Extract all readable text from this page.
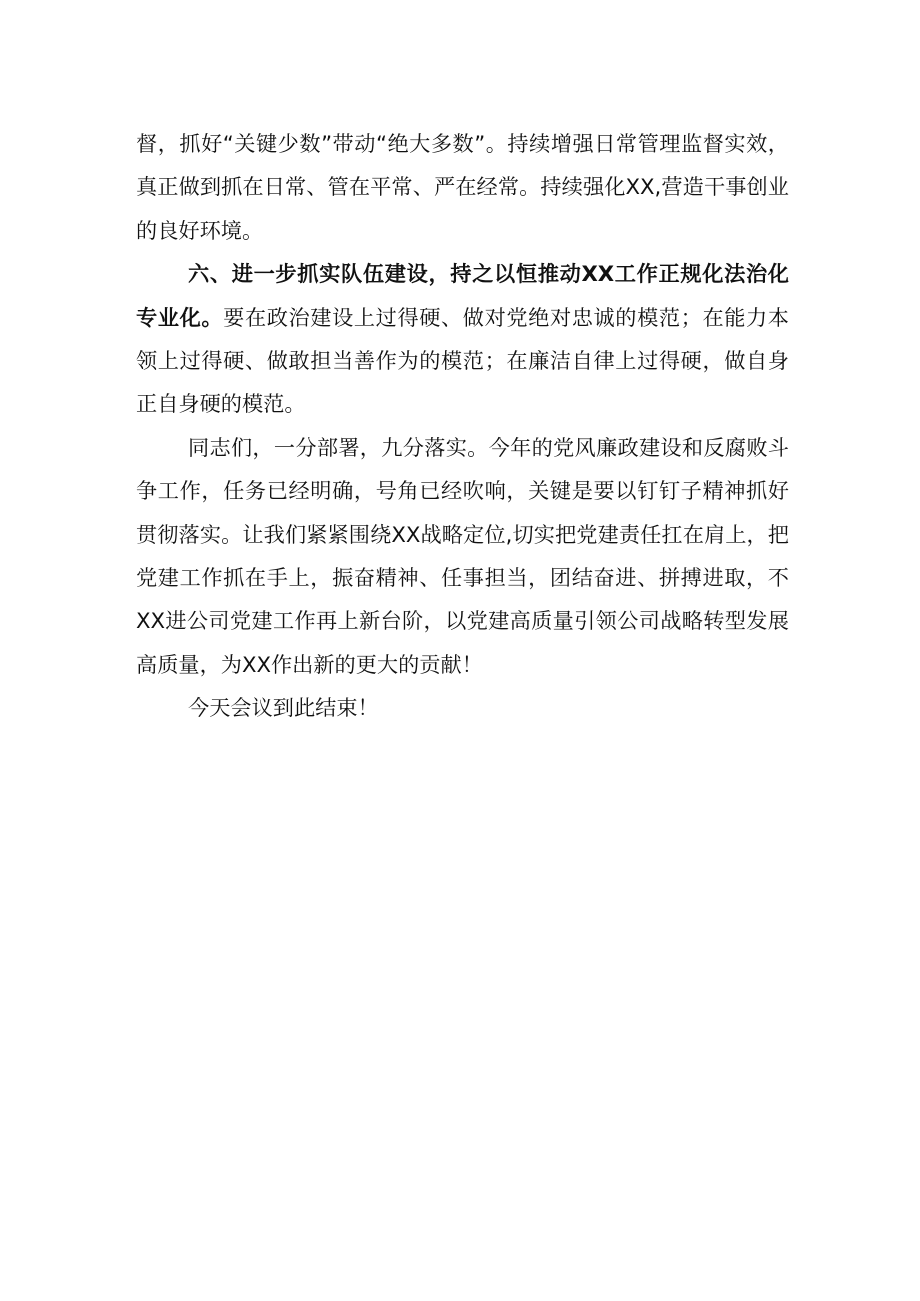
督，抓好“关键少数”带动“绝大多数”。持续增强日常管理监督实效，真正做到抓在日常、管在平常、严在经常。持续强化XX,营造干事创业的良好环境。

六、进一步抓实队伍建设，持之以恒推动XX工作正规化法治化专业化。要在政治建设上过得硬、做对党绝对忠诚的模范；在能力本领上过得硬、做敢担当善作为的模范；在廉洁自律上过得硬，做自身正自身硬的模范。

同志们，一分部署，九分落实。今年的党风廉政建设和反腐败斗争工作，任务已经明确，号角已经吹响，关键是要以钉钉子精神抓好贯彻落实。让我们紧紧围绕XX战略定位,切实把党建责任扛在肩上，把党建工作抓在手上，振奋精神、任事担当，团结奋进、拼搏进取，不XX进公司党建工作再上新台阶，以党建高质量引领公司战略转型发展高质量，为XX作出新的更大的贡献！

今天会议到此结束！
